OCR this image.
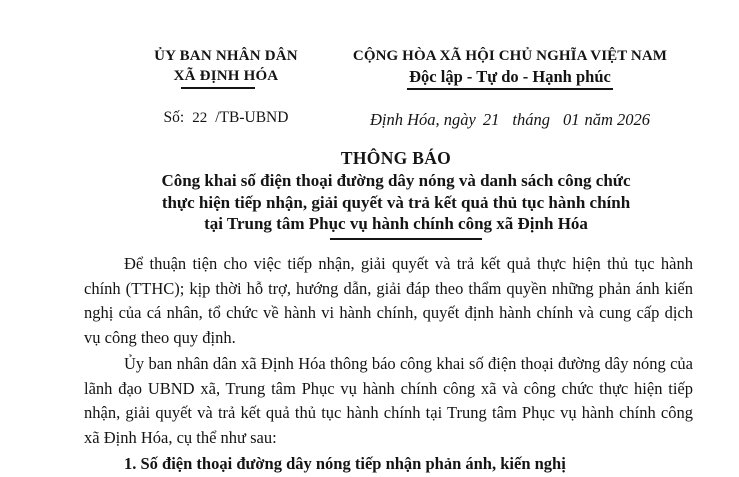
ỦY BAN NHÂN DÂN
XÃ ĐỊNH HÓA
Số: 22 /TB-UBND
CỘNG HÒA XÃ HỘI CHỦ NGHĨA VIỆT NAM
Độc lập - Tự do - Hạnh phúc
Định Hóa, ngày 21 tháng 01 năm 2026
THÔNG BÁO
Công khai số điện thoại đường dây nóng và danh sách công chức
thực hiện tiếp nhận, giải quyết và trả kết quả thủ tục hành chính
tại Trung tâm Phục vụ hành chính công xã Định Hóa

Để thuận tiện cho việc tiếp nhận, giải quyết và trả kết quả thực hiện thủ tục hành chính (TTHC); kịp thời hỗ trợ, hướng dẫn, giải đáp theo thẩm quyền những phản ánh kiến nghị của cá nhân, tổ chức về hành vi hành chính, quyết định hành chính và cung cấp dịch vụ công theo quy định.

Ủy ban nhân dân xã Định Hóa thông báo công khai số điện thoại đường dây nóng của lãnh đạo UBND xã, Trung tâm Phục vụ hành chính công xã và công chức thực hiện tiếp nhận, giải quyết và trả kết quả thủ tục hành chính tại Trung tâm Phục vụ hành chính công xã Định Hóa, cụ thể như sau:

1. Số điện thoại đường dây nóng tiếp nhận phản ánh, kiến nghị
